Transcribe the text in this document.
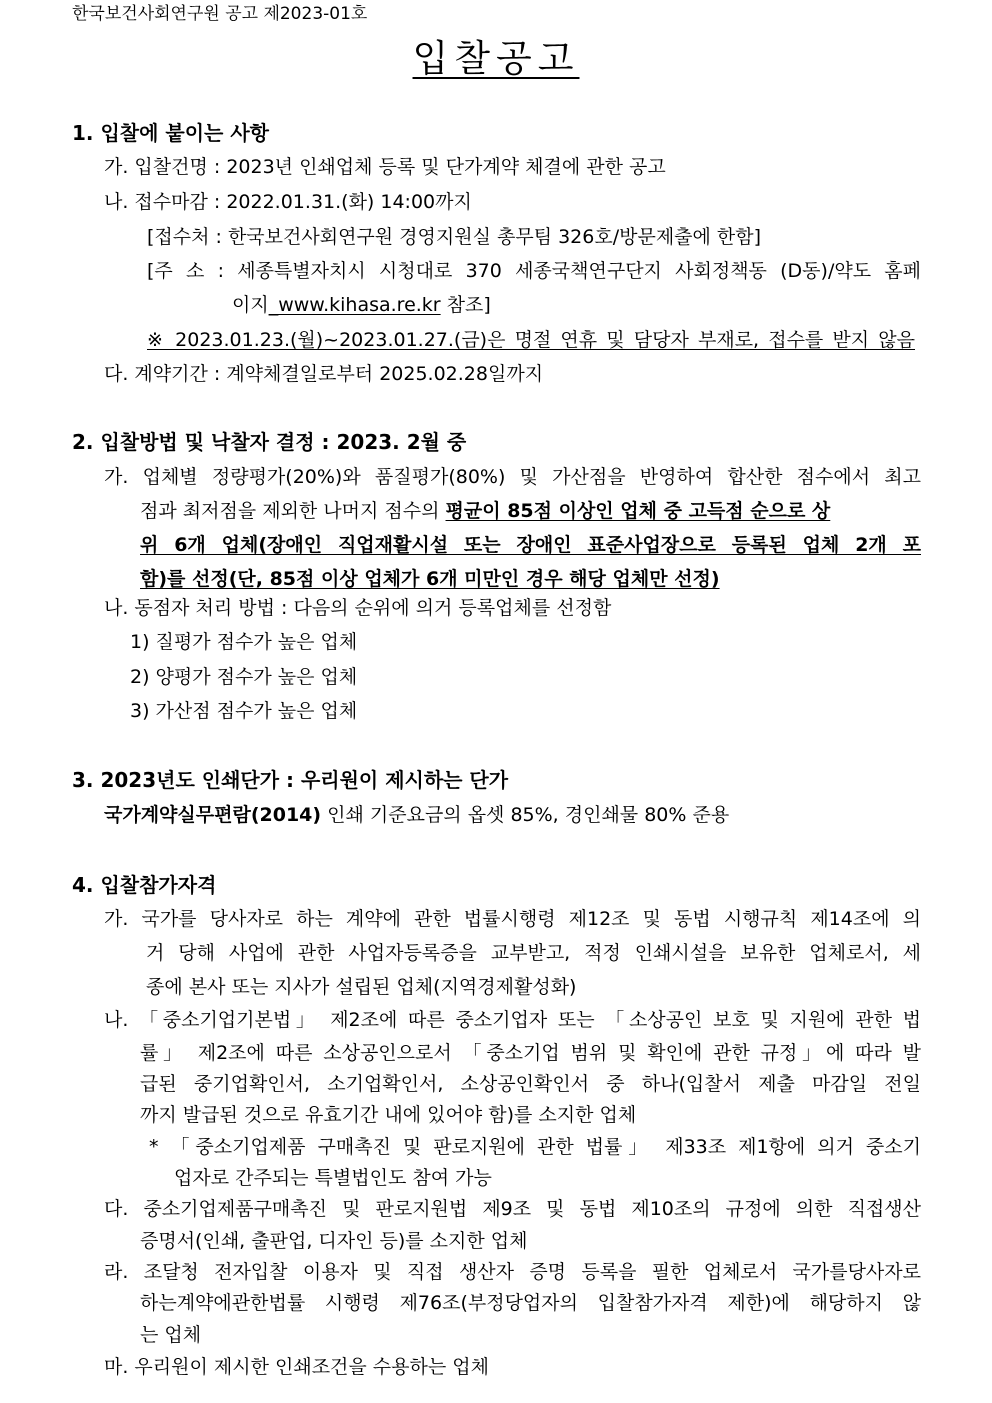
한국보건사회연구원 공고 제2023-01호
입찰공고
1. 입찰에 붙이는 사항
가. 입찰건명 : 2023년 인쇄업체 등록 및 단가계약 체결에 관한 공고
나. 접수마감 : 2022.01.31.(화) 14:00까지
[접수처 : 한국보건사회연구원 경영지원실 총무팀 326호/방문제출에 한함]
[주 소 : 세종특별자치시 시청대로 370 세종국책연구단지 사회정책동 (D동)/약도 홈페
이지_www.kihasa.re.kr 참조]
※ 2023.01.23.(월)~2023.01.27.(금)은 명절 연휴 및 담당자 부재로, 접수를 받지 않음
다. 계약기간 : 계약체결일로부터 2025.02.28일까지
2. 입찰방법 및 낙찰자 결정 : 2023. 2월 중
가. 업체별 정량평가(20%)와 품질평가(80%) 및 가산점을 반영하여 합산한 점수에서 최고
점과 최저점을 제외한 나머지 점수의 평균이 85점 이상인 업체 중 고득점 순으로 상
위 6개 업체(장애인 직업재활시설 또는 장애인 표준사업장으로 등록된 업체 2개 포
함)를 선정(단, 85점 이상 업체가 6개 미만인 경우 해당 업체만 선정)
나. 동점자 처리 방법 : 다음의 순위에 의거 등록업체를 선정함
1) 질평가 점수가 높은 업체
2) 양평가 점수가 높은 업체
3) 가산점 점수가 높은 업체
3. 2023년도 인쇄단가 : 우리원이 제시하는 단가
국가계약실무편람(2014) 인쇄 기준요금의 옵셋 85%, 경인쇄물 80% 준용
4. 입찰참가자격
가. 국가를 당사자로 하는 계약에 관한 법률시행령 제12조 및 동법 시행규칙 제14조에 의
거 당해 사업에 관한 사업자등록증을 교부받고, 적정 인쇄시설을 보유한 업체로서, 세
종에 본사 또는 지사가 설립된 업체(지역경제활성화)
나. 「중소기업기본법」 제2조에 따른 중소기업자 또는 「소상공인 보호 및 지원에 관한 법
률」 제2조에 따른 소상공인으로서 「중소기업 범위 및 확인에 관한 규정」에 따라 발
급된 중기업확인서, 소기업확인서, 소상공인확인서 중 하나(입찰서 제출 마감일 전일
까지 발급된 것으로 유효기간 내에 있어야 함)를 소지한 업체
* 「중소기업제품 구매촉진 및 판로지원에 관한 법률」 제33조 제1항에 의거 중소기
업자로 간주되는 특별법인도 참여 가능
다. 중소기업제품구매촉진 및 판로지원법 제9조 및 동법 제10조의 규정에 의한 직접생산
증명서(인쇄, 출판업, 디자인 등)를 소지한 업체
라. 조달청 전자입찰 이용자 및 직접 생산자 증명 등록을 필한 업체로서 국가를당사자로
하는계약에관한법률 시행령 제76조(부정당업자의 입찰참가자격 제한)에 해당하지 않
는 업체
마. 우리원이 제시한 인쇄조건을 수용하는 업체
